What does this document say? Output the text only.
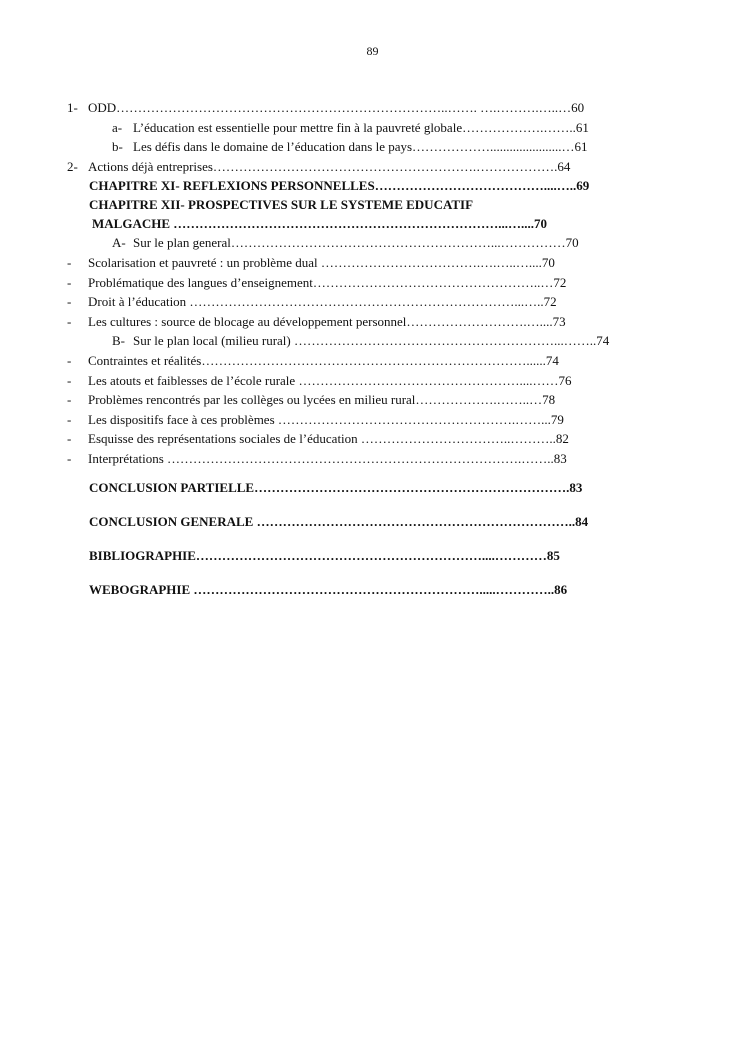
89
1- ODD…………………………………………………………………..……. ….……….…..…60
a- L’éducation est essentielle pour mettre fin à la pauvreté globale……………….……..61
b- Les défis dans le domaine de l’éducation dans le pays………………......................…61
2- Actions déjà entreprises…………………………………………………….……………….64
CHAPITRE XI- REFLEXIONS PERSONNELLES…………………………………....…..69
CHAPITRE XII- PROSPECTIVES SUR LE SYSTEME EDUCATIF
MALGACHE …………………………………………………………………...…....70
A- Sur le plan general……………………………………………………...……………70
- Scolarisation et pauvreté : un problème dual ……………………………….….…..…....70
- Problématique des langues d’enseignement……………………………………………..…72
- Droit à l’éducation …………………………………………………………………...…..72
- Les cultures : source de blocage au développement personnel……………………….…....73
B- Sur le plan local (milieu rural) ……………………………………………………...……..74
- Contraintes et réalités…………………………………………………………………......74
- Les atouts et faiblesses de l’école rurale ……………………………………………....……76
- Problèmes rencontrés par les collèges ou lycées en milieu rural……………….……..…78
- Les dispositifs face à ces problèmes ……………………………………………….……...79
- Esquisse des représentations sociales de l’éducation ……………………………..………..82
- Interprétations ……………………………………………………………………….……..83
CONCLUSION PARTIELLE……………………………………………………………….83
CONCLUSION GENERALE ………………………………………………………………..84
BIBLIOGRAPHIE…………………………………………………………....…………85
WEBOGRAPHIE ………………………………………………………….....…………..86
